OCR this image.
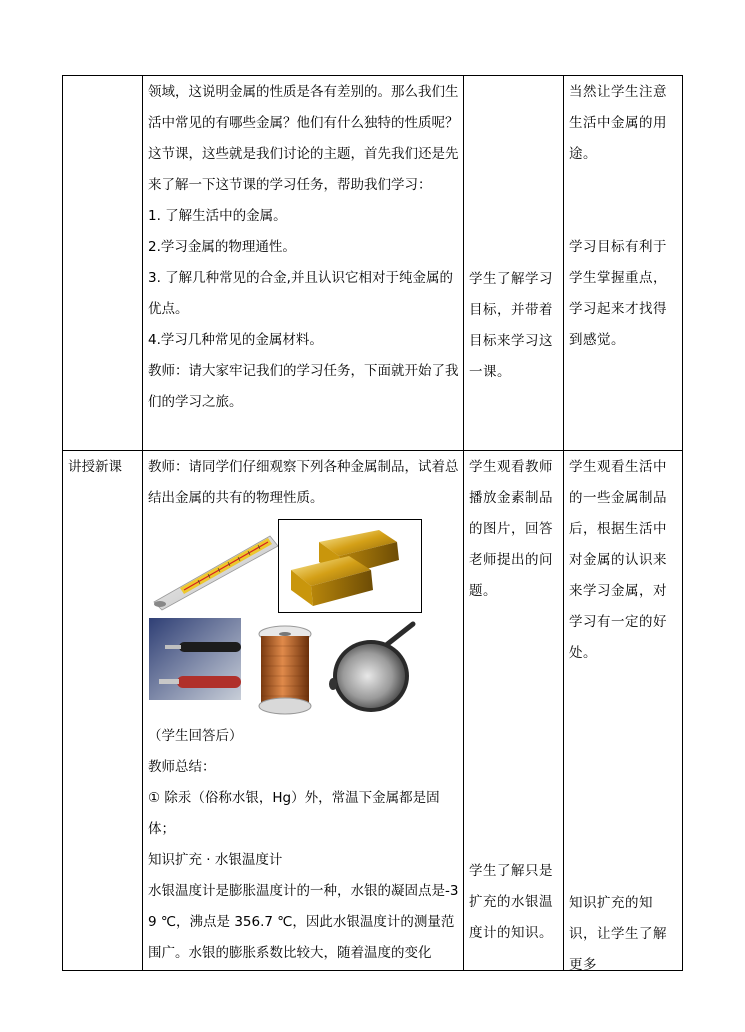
领域，这说明金属的性质是各有差别的。那么我们生活中常见的有哪些金属？他们有什么独特的性质呢？这节课，这些就是我们讨论的主题，首先我们还是先来了解一下这节课的学习任务，帮助我们学习：
1. 了解生活中的金属。
2.学习金属的物理通性。
3. 了解几种常见的合金,并且认识它相对于纯金属的优点。
4.学习几种常见的金属材料。
教师：请大家牢记我们的学习任务，下面就开始了我们的学习之旅。
学生了解学习目标，并带着目标来学习这一课。
当然让学生注意生活中金属的用途。
学习目标有利于学生掌握重点，学习起来才找得到感觉。
讲授新课	教师：请同学们仔细观察下列各种金属制品，试着总结出金属的共有的物理性质。
（学生回答后）
教师总结：
① 除汞（俗称水银，Hg）外，常温下金属都是固体；
知识扩充 · 水银温度计
水银温度计是膨胀温度计的一种，水银的凝固点是-39 ℃，沸点是 356.7 ℃，因此水银温度计的测量范围广。水银的膨胀系数比较大，随着温度的变化
学生观看教师播放金素制品的图片，回答老师提出的问题。
学生了解只是扩充的水银温度计的知识。
学生观看生活中的一些金属制品后，根据生活中对金属的认识来来学习金属，对学习有一定的好处。
知识扩充的知识，让学生了解更多
